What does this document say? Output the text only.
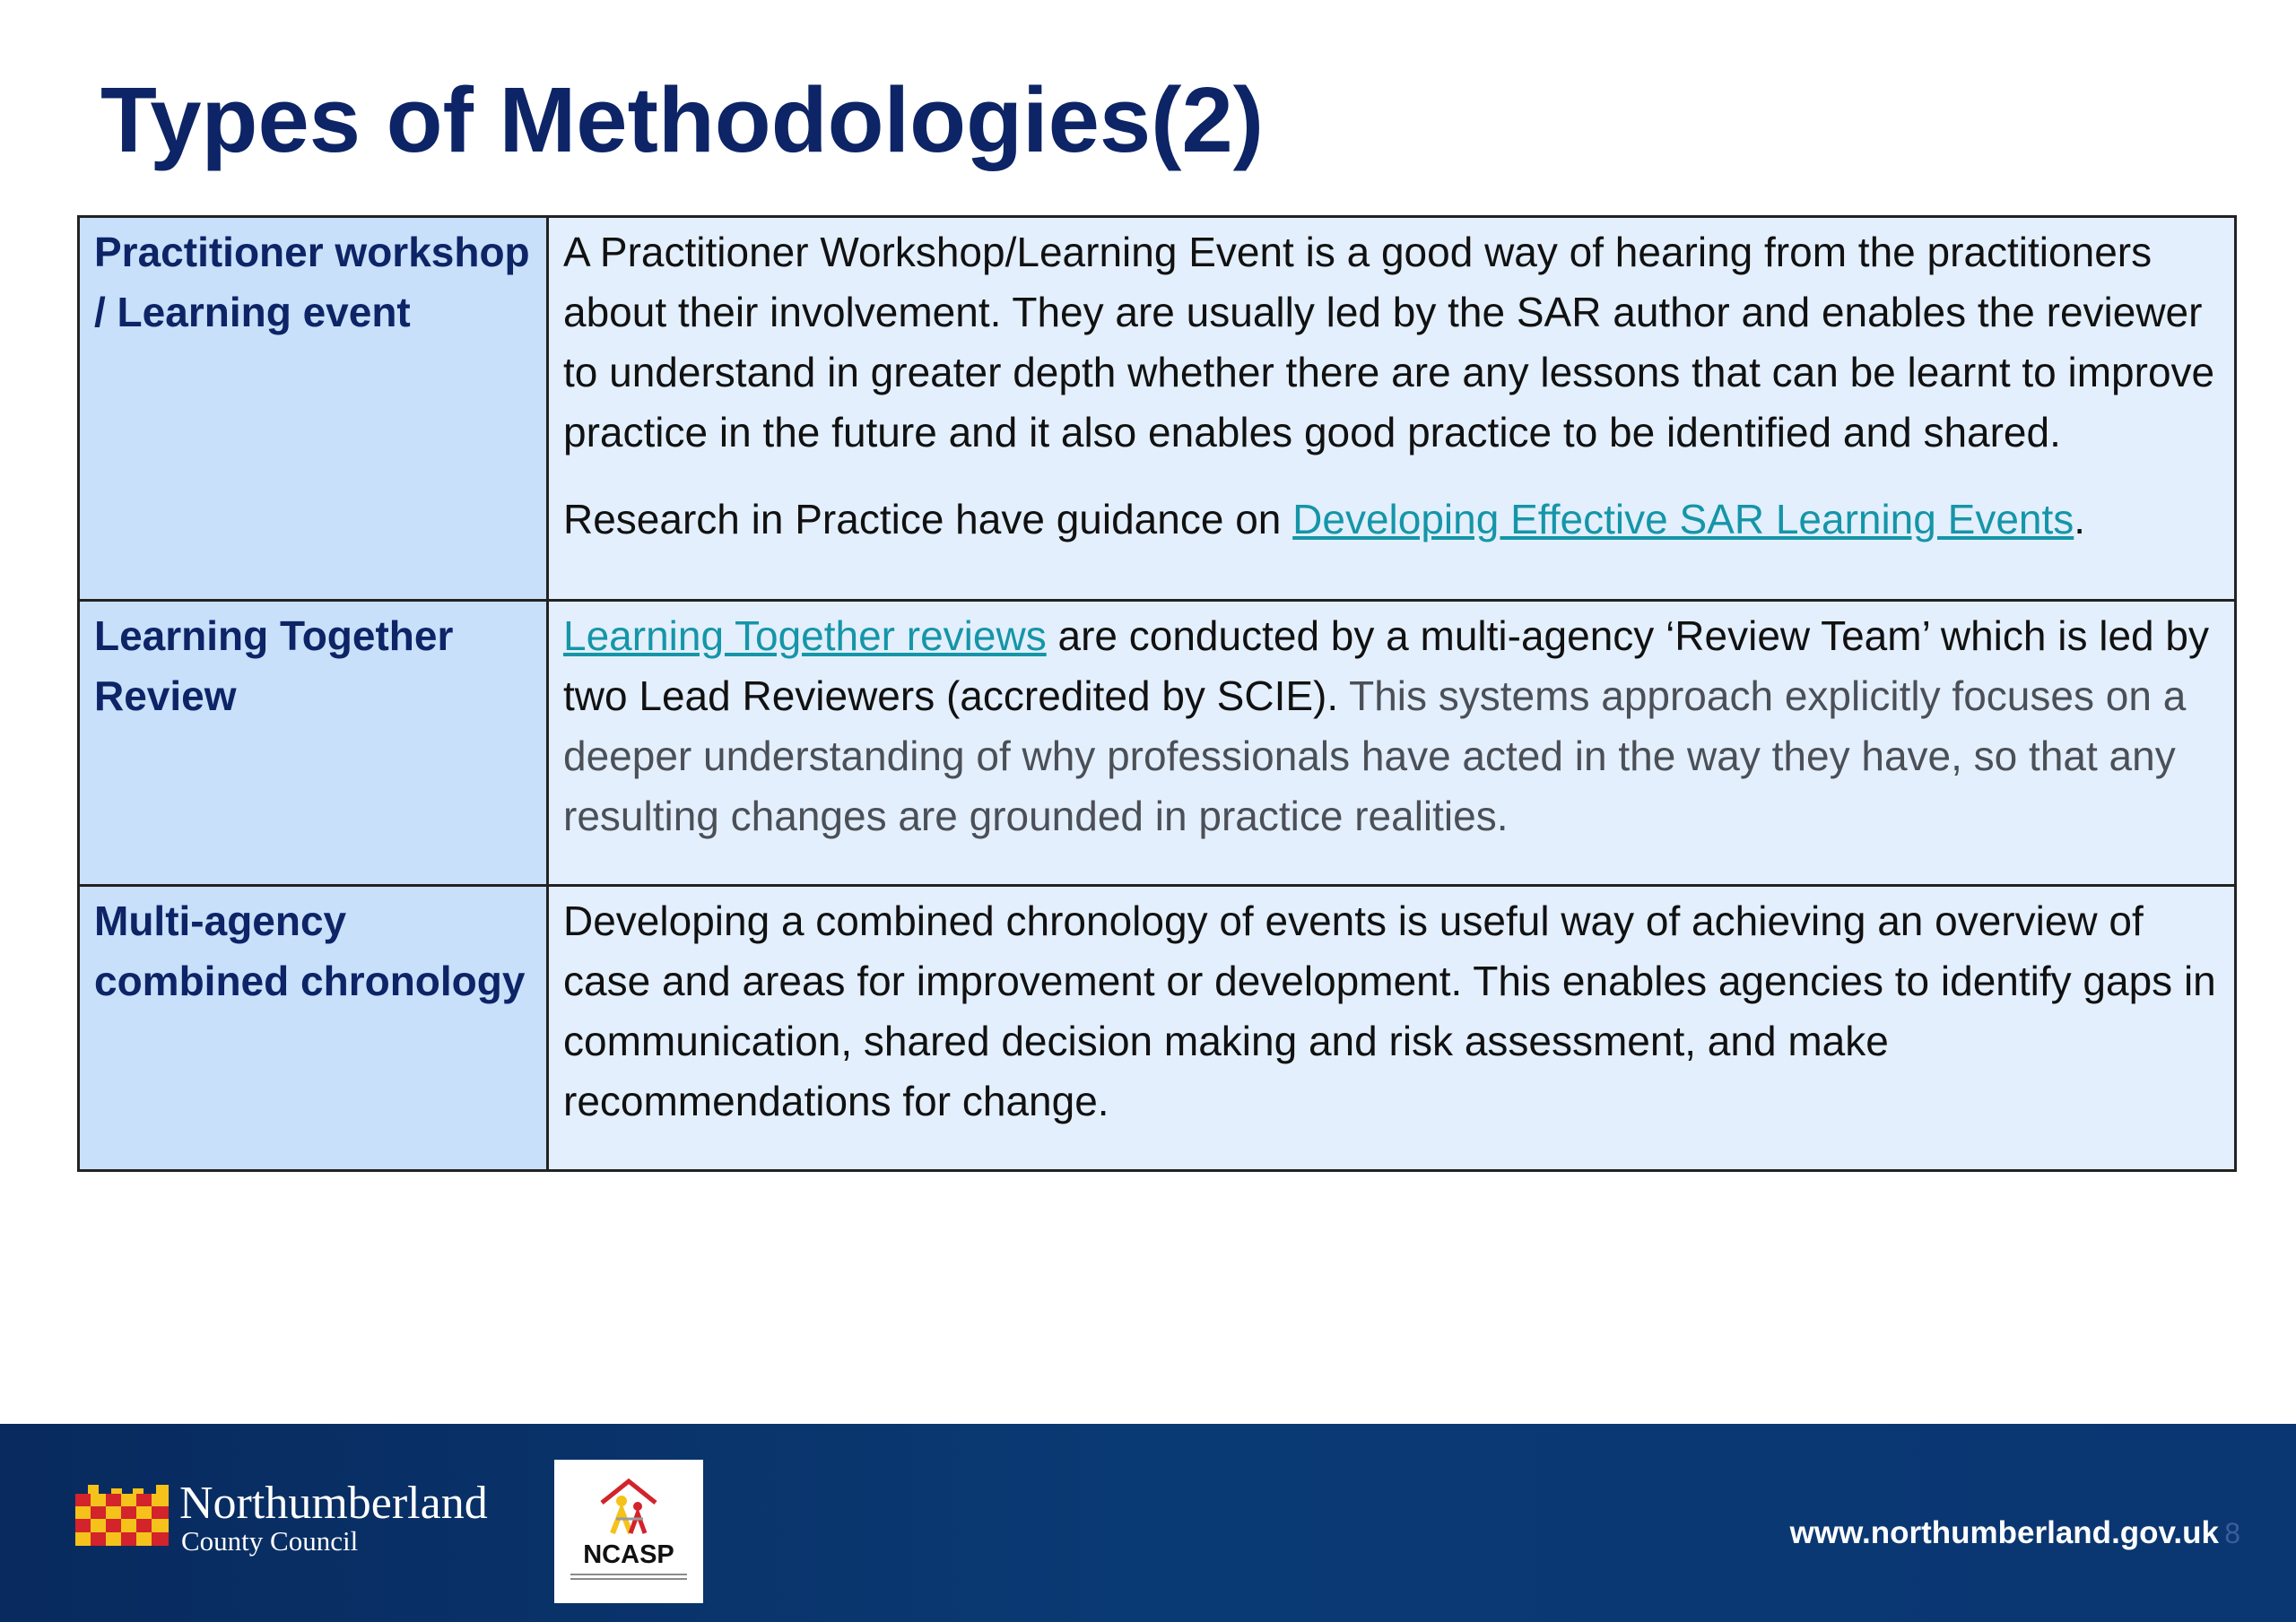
Types of Methodologies(2)
Practitioner workshop / Learning event	A Practitioner Workshop/Learning Event is a good way of hearing from the practitioners about their involvement. They are usually led by the SAR author and enables the reviewer to understand in greater depth whether there are any lessons that can be learnt to improve practice in the future and it also enables good practice to be identified and shared.

Research in Practice have guidance on Developing Effective SAR Learning Events.

Learning Together Review	Learning Together reviews are conducted by a multi-agency ‘Review Team’ which is led by two Lead Reviewers (accredited by SCIE). This systems approach explicitly focuses on a deeper understanding of why professionals have acted in the way they have, so that any resulting changes are grounded in practice realities.

Multi-agency combined chronology	Developing a combined chronology of events is useful way of achieving an overview of case and areas for improvement or development. This enables agencies to identify gaps in communication, shared decision making and risk assessment, and make recommendations for change.

Northumberland
County Council	NCASP
www.northumberland.gov.uk 8
